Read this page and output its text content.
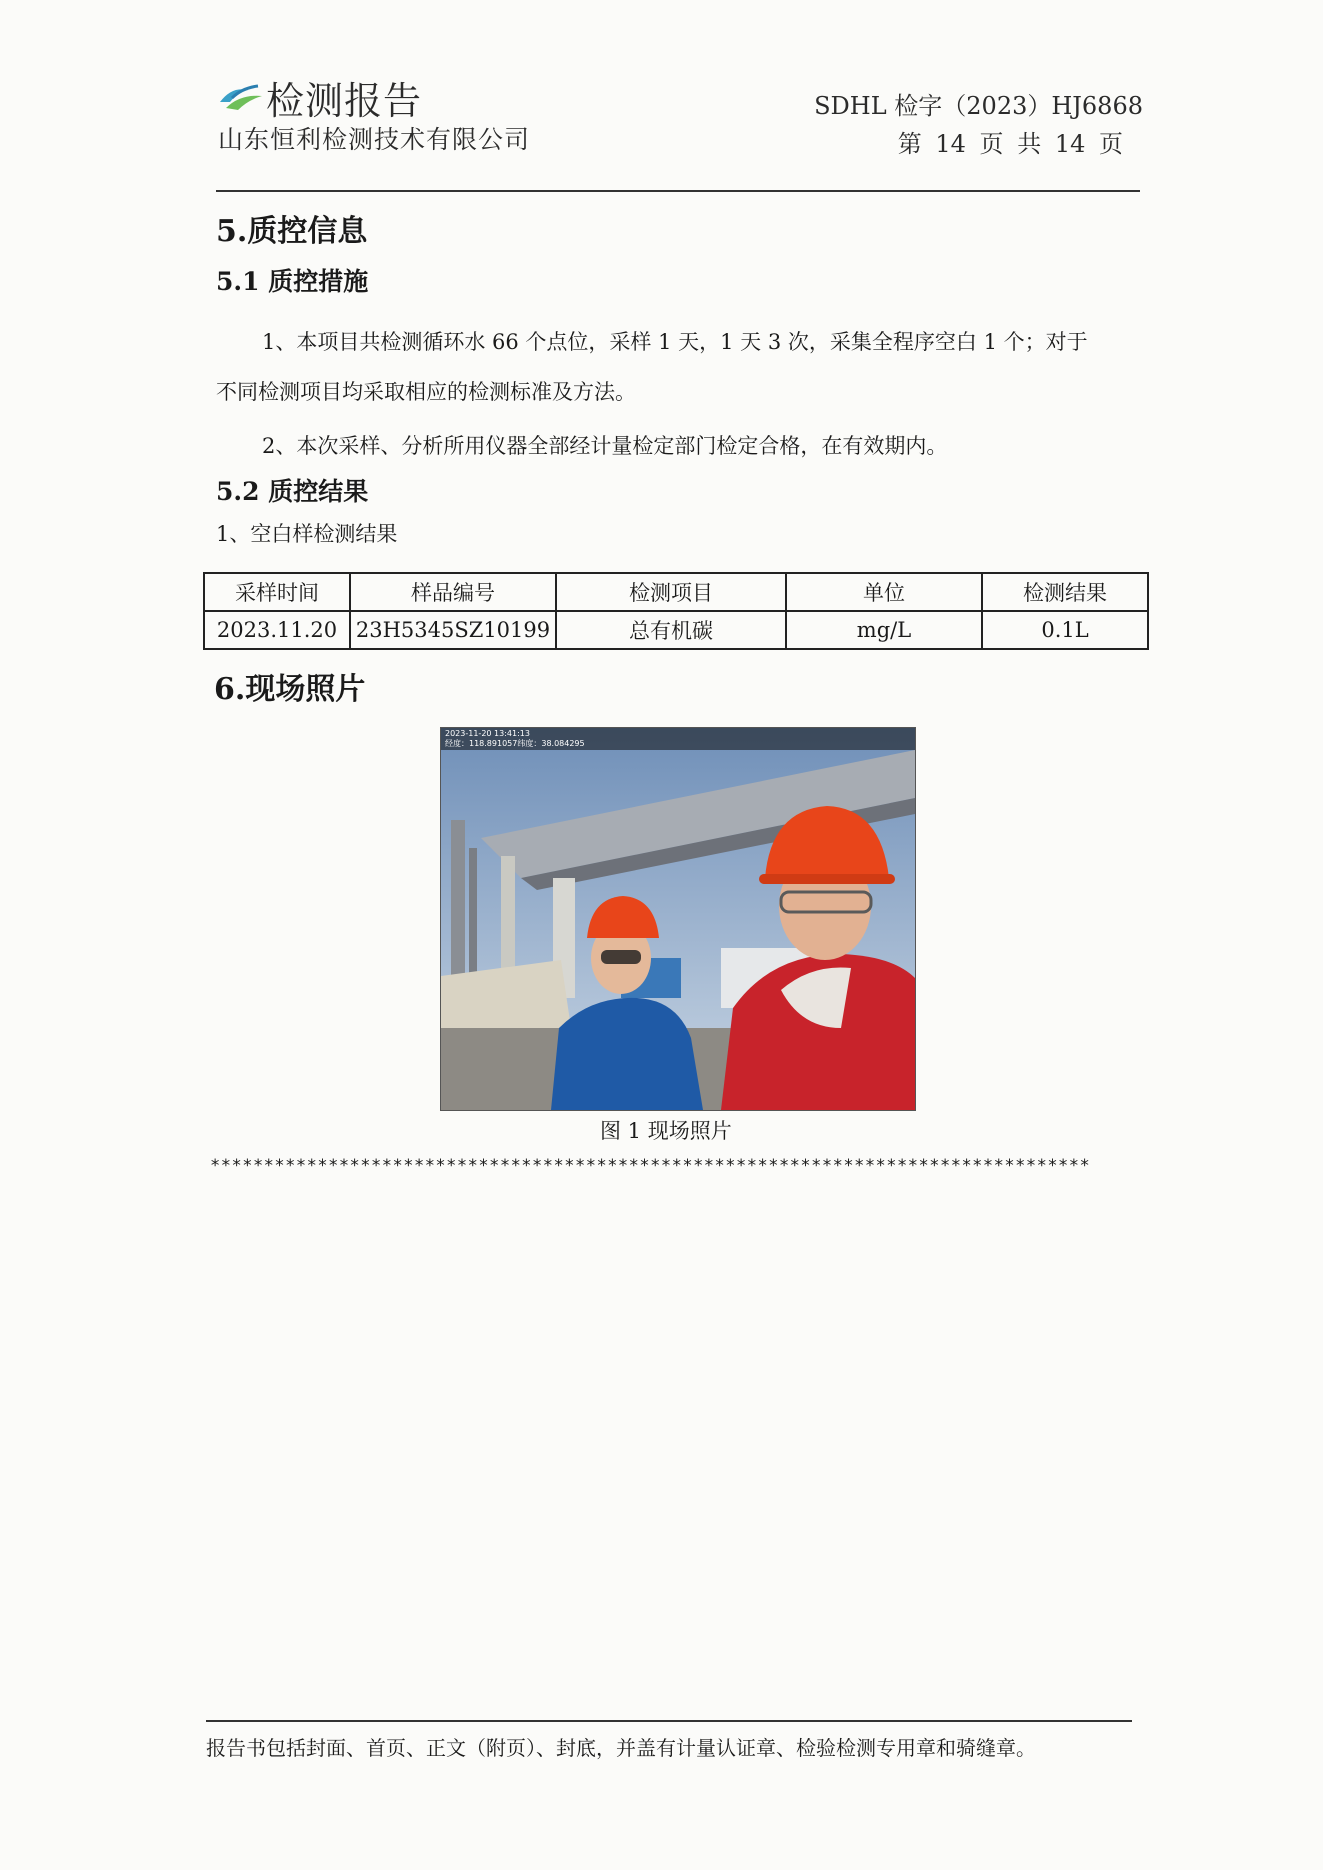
检测报告
山东恒利检测技术有限公司
SDHL 检字（2023）HJ6868
第 14 页 共 14 页
5.质控信息
5.1 质控措施
1、本项目共检测循环水 66 个点位，采样 1 天，1 天 3 次，采集全程序空白 1 个；对于
不同检测项目均采取相应的检测标准及方法。
2、本次采样、分析所用仪器全部经计量检定部门检定合格，在有效期内。
5.2 质控结果
1、空白样检测结果
采样时间	样品编号	检测项目	单位	检测结果
2023.11.20	23H5345SZ10199	总有机碳	mg/L	0.1L
6.现场照片
2023-11-20 13:41:13
经度：118.891057纬度：38.084295
图 1 现场照片
**********************************************************************************
报告书包括封面、首页、正文（附页）、封底，并盖有计量认证章、检验检测专用章和骑缝章。
